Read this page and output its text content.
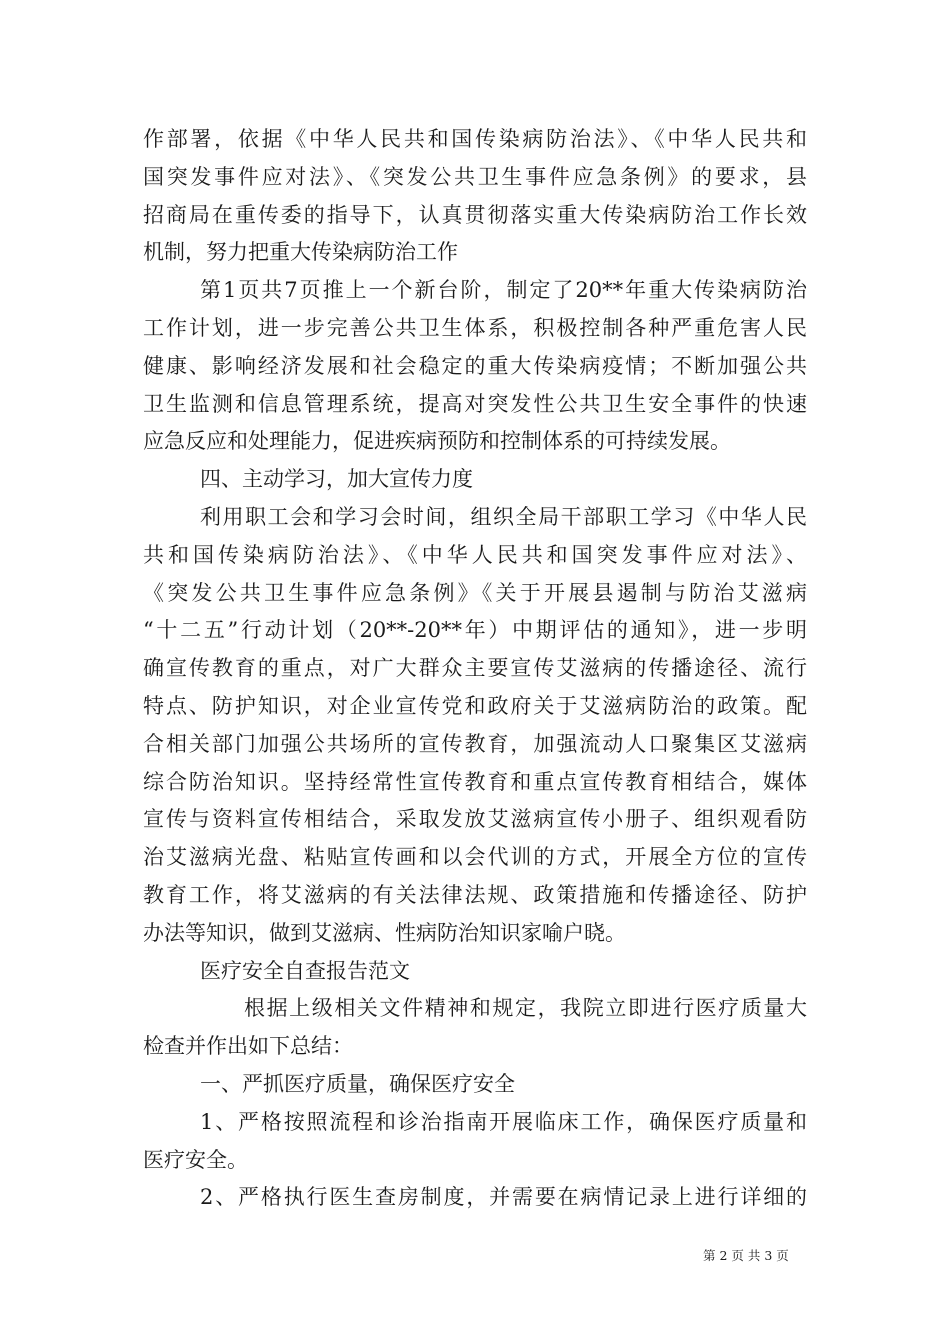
作部署，依据《中华人民共和国传染病防治法》、《中华人民共和
国突发事件应对法》、《突发公共卫生事件应急条例》的要求，县
招商局在重传委的指导下，认真贯彻落实重大传染病防治工作长效
机制，努力把重大传染病防治工作
第1页共7页推上一个新台阶，制定了20**年重大传染病防治
工作计划，进一步完善公共卫生体系，积极控制各种严重危害人民
健康、影响经济发展和社会稳定的重大传染病疫情；不断加强公共
卫生监测和信息管理系统，提高对突发性公共卫生安全事件的快速
应急反应和处理能力，促进疾病预防和控制体系的可持续发展。
四、主动学习，加大宣传力度
利用职工会和学习会时间，组织全局干部职工学习《中华人民
共和国传染病防治法》、《中华人民共和国突发事件应对法》、
《突发公共卫生事件应急条例》《关于开展县遏制与防治艾滋病
“十二五”行动计划（20**-20**年）中期评估的通知》，进一步明
确宣传教育的重点，对广大群众主要宣传艾滋病的传播途径、流行
特点、防护知识，对企业宣传党和政府关于艾滋病防治的政策。配
合相关部门加强公共场所的宣传教育，加强流动人口聚集区艾滋病
综合防治知识。坚持经常性宣传教育和重点宣传教育相结合，媒体
宣传与资料宣传相结合，采取发放艾滋病宣传小册子、组织观看防
治艾滋病光盘、粘贴宣传画和以会代训的方式，开展全方位的宣传
教育工作，将艾滋病的有关法律法规、政策措施和传播途径、防护
办法等知识，做到艾滋病、性病防治知识家喻户晓。
医疗安全自查报告范文
根据上级相关文件精神和规定，我院立即进行医疗质量大
检查并作出如下总结：
一、严抓医疗质量，确保医疗安全
1、严格按照流程和诊治指南开展临床工作，确保医疗质量和
医疗安全。
2、严格执行医生查房制度，并需要在病情记录上进行详细的
第 2 页 共 3 页
